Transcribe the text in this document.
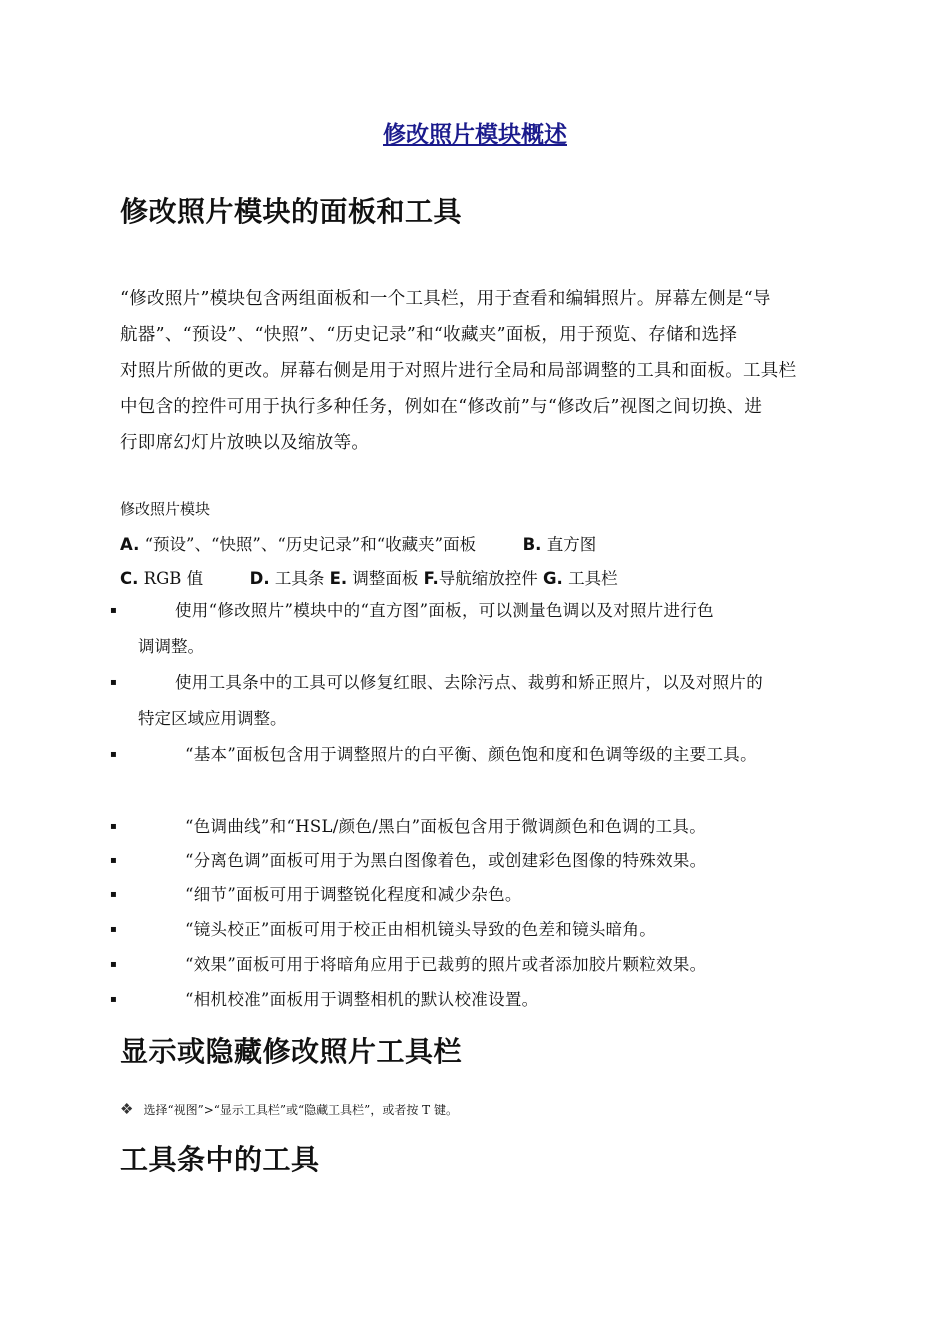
修改照片模块概述
修改照片模块的面板和工具
“修改照片”模块包含两组面板和一个工具栏，用于查看和编辑照片。屏幕左侧是“导
航器”、“预设”、“快照”、“历史记录”和“收藏夹”面板，用于预览、存储和选择
对照片所做的更改。屏幕右侧是用于对照片进行全局和局部调整的工具和面板。工具栏
中包含的控件可用于执行多种任务，例如在“修改前”与“修改后”视图之间切换、进
行即席幻灯片放映以及缩放等。

修改照片模块

A. “预设”、“快照”、“历史记录”和“收藏夹”面板	B. 直方图

C. RGB 值	D. 工具条 E. 调整面板 F.导航缩放控件 G. 工具栏

▪	使用“修改照片”模块中的“直方图”面板，可以测量色调以及对照片进行色
调调整。
▪	使用工具条中的工具可以修复红眼、去除污点、裁剪和矫正照片，以及对照片的
特定区域应用调整。
▪	“基本”面板包含用于调整照片的白平衡、颜色饱和度和色调等级的主要工具。
▪	“色调曲线”和“HSL/颜色/黑白”面板包含用于微调颜色和色调的工具。
▪	“分离色调”面板可用于为黑白图像着色，或创建彩色图像的特殊效果。
▪	“细节”面板可用于调整锐化程度和减少杂色。
▪	“镜头校正”面板可用于校正由相机镜头导致的色差和镜头暗角。
▪	“效果”面板可用于将暗角应用于已裁剪的照片或者添加胶片颗粒效果。
▪	“相机校准”面板用于调整相机的默认校准设置。
显示或隐藏修改照片工具栏

❖ 选择“视图”>“显示工具栏”或“隐藏工具栏”，或者按 T 键。

工具条中的工具
